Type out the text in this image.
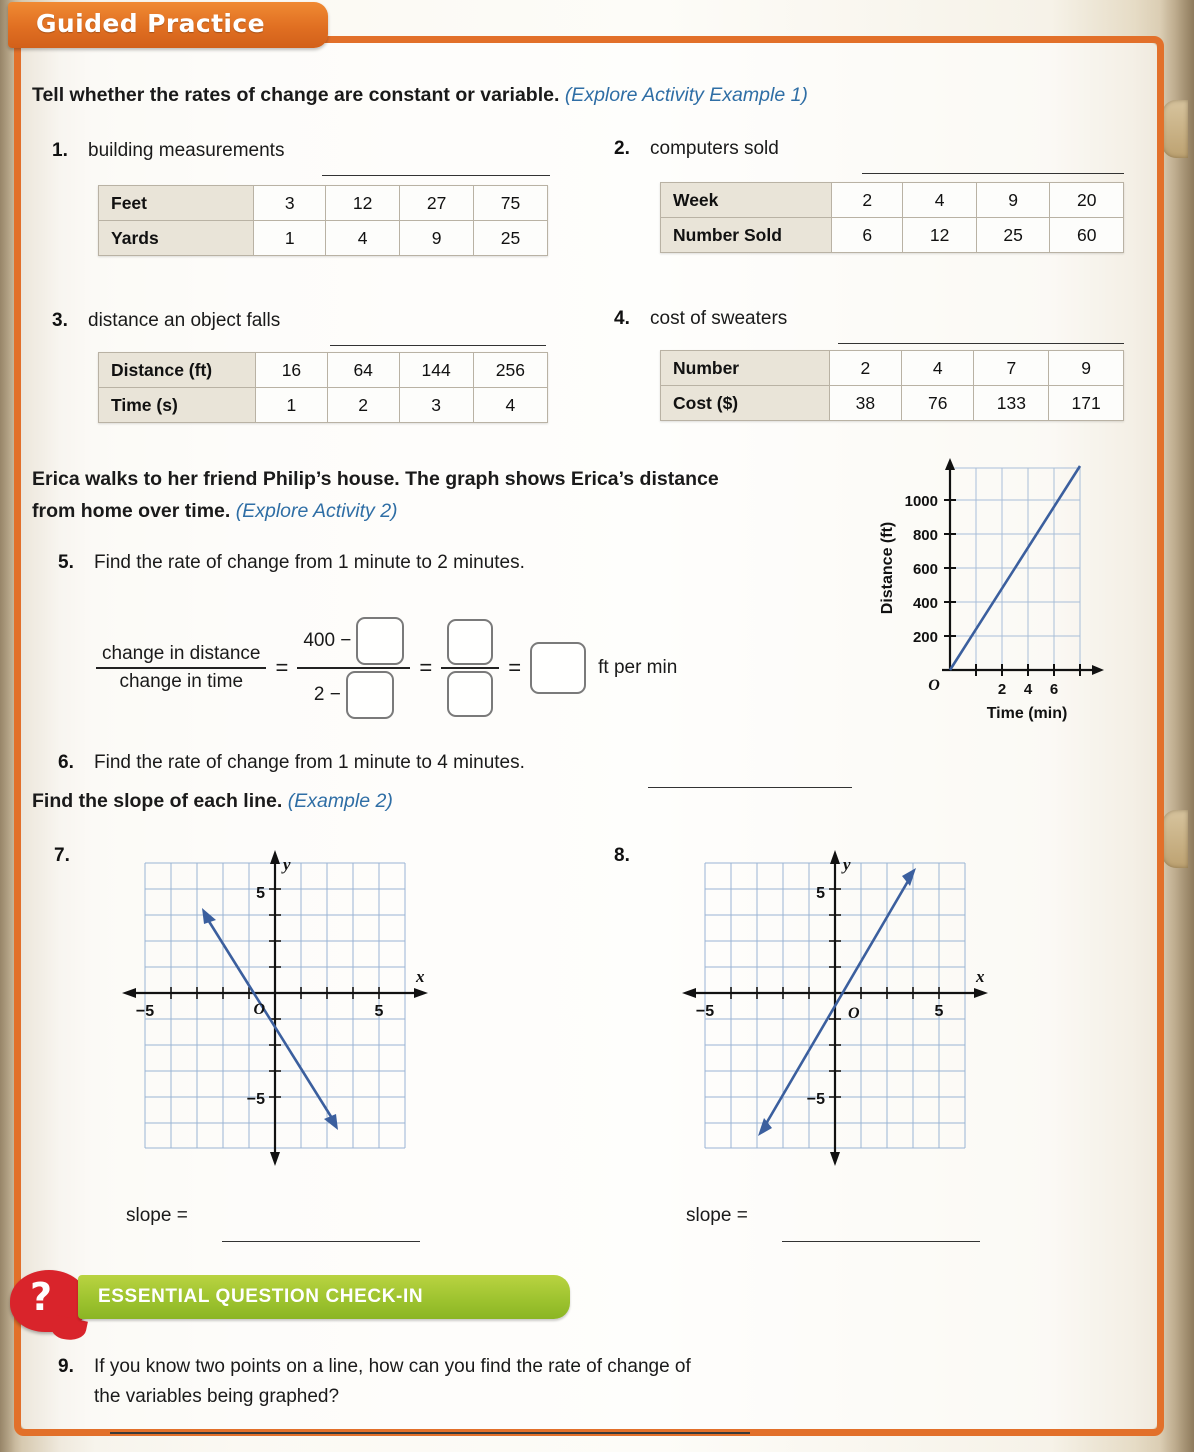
Guided Practice
Tell whether the rates of change are constant or variable. (Explore Activity Example 1)
1. building measurements
Feet	3	12	27	75
Yards	1	4	9	25
2. computers sold
Week	2	4	9	20
Number Sold	6	12	25	60
3. distance an object falls
Distance (ft)	16	64	144	256
Time (s)	1	2	3	4
4. cost of sweaters
Number	2	4	7	9
Cost ($)	38	76	133	171
Erica walks to her friend Philip’s house. The graph shows Erica’s distance
from home over time. (Explore Activity 2)
5. Find the rate of change from 1 minute to 2 minutes.
$\frac{\text{change in distance}}{\text{change in time}} = \frac{400 -}{2 -}$ =	=	ft per min
200
400
600
800
1000
2 4 6
O
Distance (ft)
Time (min)
6. Find the rate of change from 1 minute to 4 minutes.
Find the slope of each line. (Example 2)
7.	y
x
O
5
−5
−5	5
slope =
8.	y
x
O
5
−5
−5	5
slope =
? ESSENTIAL QUESTION CHECK-IN
9. If you know two points on a line, how can you find the rate of change of
the variables being graphed?
